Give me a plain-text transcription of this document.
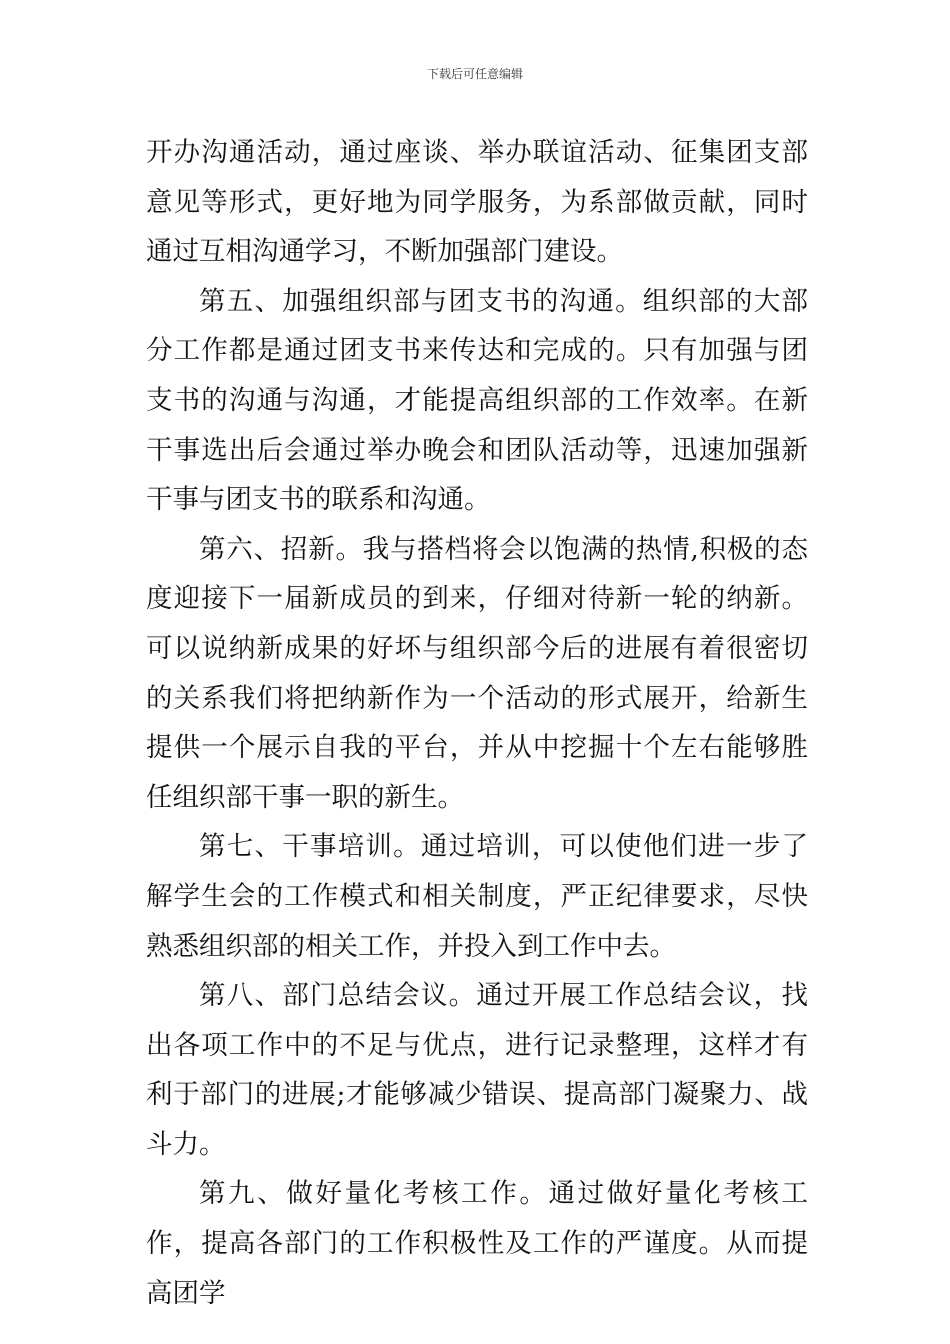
下载后可任意编辑

开办沟通活动，通过座谈、举办联谊活动、征集团支部意见等形式，更好地为同学服务，为系部做贡献，同时通过互相沟通学习，不断加强部门建设。

第五、加强组织部与团支书的沟通。组织部的大部分工作都是通过团支书来传达和完成的。只有加强与团支书的沟通与沟通，才能提高组织部的工作效率。在新干事选出后会通过举办晚会和团队活动等，迅速加强新干事与团支书的联系和沟通。

第六、招新。我与搭档将会以饱满的热情,积极的态度迎接下一届新成员的到来，仔细对待新一轮的纳新。可以说纳新成果的好坏与组织部今后的进展有着很密切的关系我们将把纳新作为一个活动的形式展开，给新生提供一个展示自我的平台，并从中挖掘十个左右能够胜任组织部干事一职的新生。

第七、干事培训。通过培训，可以使他们进一步了解学生会的工作模式和相关制度，严正纪律要求，尽快熟悉组织部的相关工作，并投入到工作中去。

第八、部门总结会议。通过开展工作总结会议，找出各项工作中的不足与优点，进行记录整理，这样才有利于部门的进展;才能够减少错误、提高部门凝聚力、战斗力。

第九、做好量化考核工作。通过做好量化考核工作，提高各部门的工作积极性及工作的严谨度。从而提高团学
